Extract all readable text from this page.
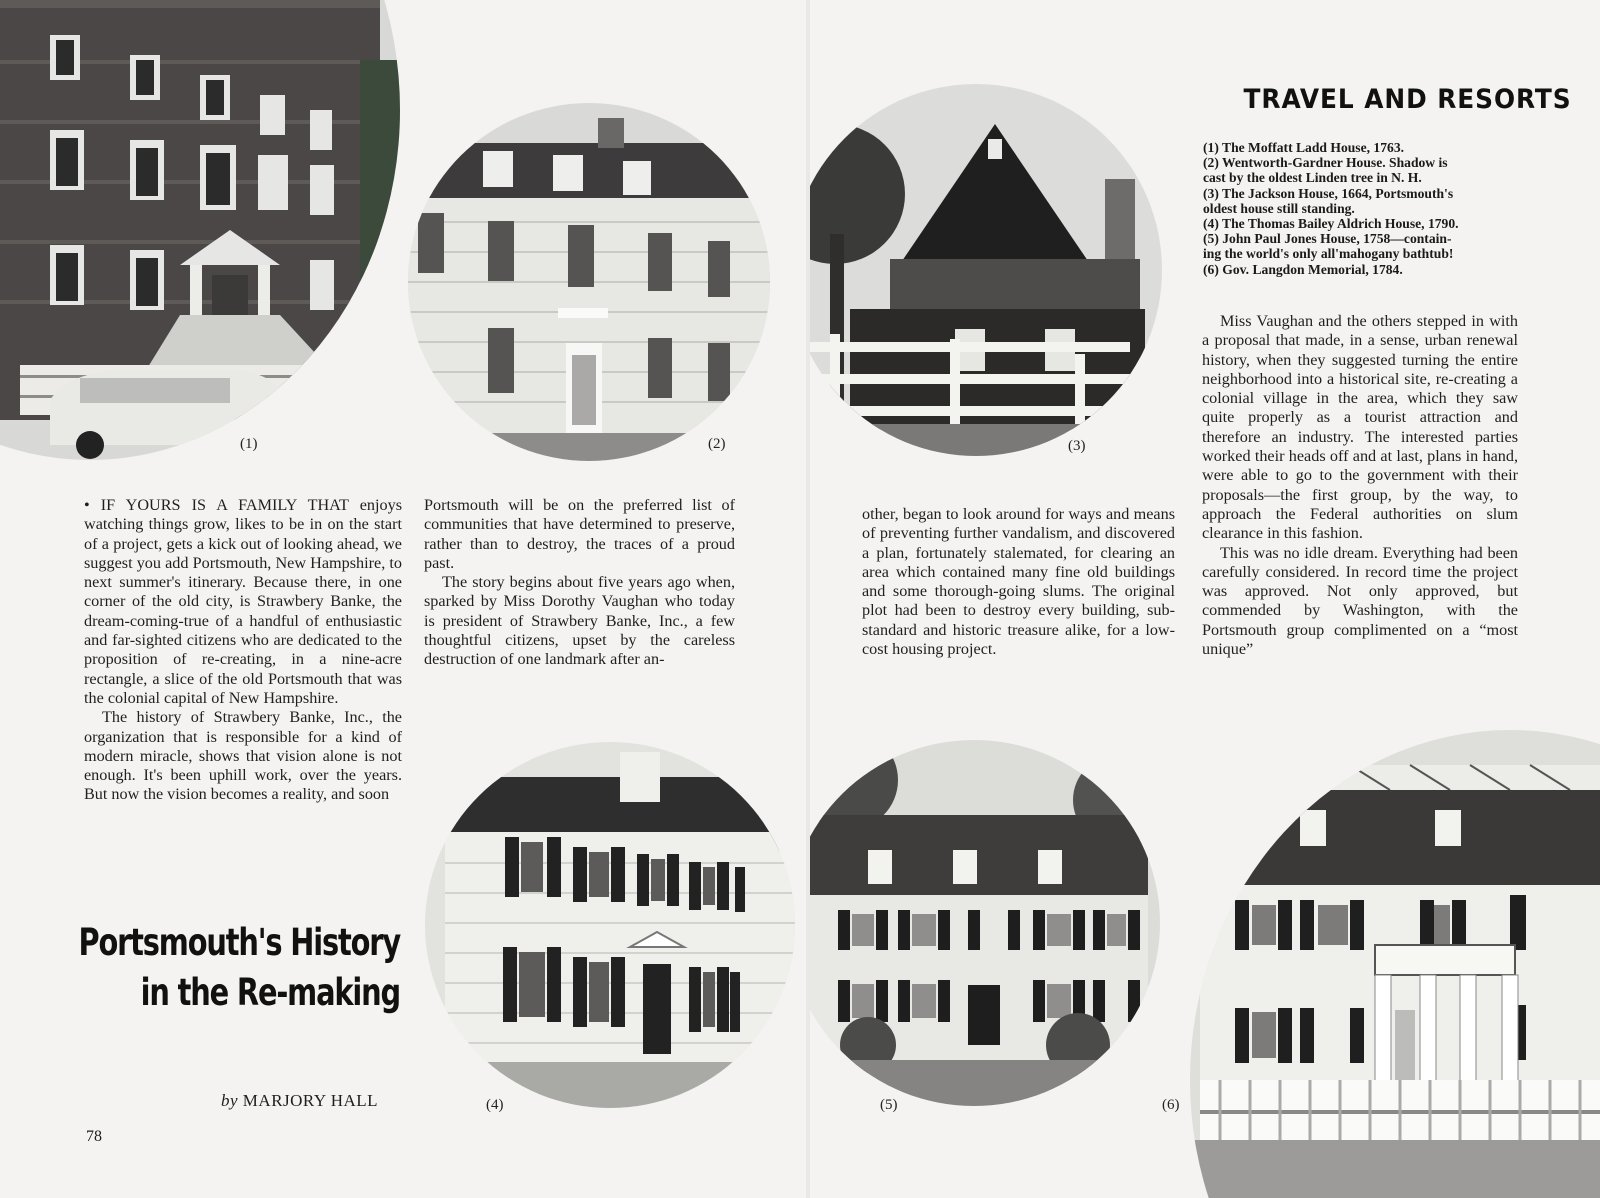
(1)	(2)

• IF YOURS IS A FAMILY THAT enjoys watching things grow, likes to be in on the start of a project, gets a kick out of looking ahead, we suggest you add Portsmouth, New Hampshire, to next summer's itinerary. Because there, in one corner of the old city, is Strawbery Banke, the dream-coming-true of a handful of enthusiastic and far-sighted citizens who are dedicated to the proposition of re-creating, in a nine-acre rectangle, a slice of the old Portsmouth that was the colonial capital of New Hampshire.

The history of Strawbery Banke, Inc., the organization that is responsible for a kind of modern miracle, shows that vision alone is not enough. It's been uphill work, over the years. But now the vision becomes a reality, and soon

Portsmouth will be on the preferred list of communities that have determined to preserve, rather than to destroy, the traces of a proud past.

The story begins about five years ago when, sparked by Miss Dorothy Vaughan who today is president of Strawbery Banke, Inc., a few thoughtful citizens, upset by the careless destruction of one landmark after an-

(4)
Portsmouth's History
in the Re-making
by MARJORY HALL
78
TRAVEL AND RESORTS
(3)
(1) The Moffatt Ladd House, 1763.
(2) Wentworth-Gardner House. Shadow is
cast by the oldest Linden tree in N. H.
(3) The Jackson House, 1664, Portsmouth's
oldest house still standing.
(4) The Thomas Bailey Aldrich House, 1790.
(5) John Paul Jones House, 1758—contain-
ing the world's only all'mahogany bathtub!
(6) Gov. Langdon Memorial, 1784.

other, began to look around for ways and means of preventing further vandalism, and discovered a plan, fortunately stalemated, for clearing an area which contained many fine old buildings and some thorough-going slums. The original plot had been to destroy every building, sub-standard and historic treasure alike, for a low-cost housing project.

Miss Vaughan and the others stepped in with a proposal that made, in a sense, urban renewal history, when they suggested turning the entire neighborhood into a historical site, re-creating a colonial village in the area, which they saw quite properly as a tourist attraction and therefore an industry. The interested parties worked their heads off and at last, plans in hand, were able to go to the government with their proposals—the first group, by the way, to approach the Federal authorities on slum clearance in this fashion.

This was no idle dream. Everything had been carefully considered. In record time the project was approved. Not only approved, but commended by Washington, with the Portsmouth group complimented on a “most unique”

(5)	(6)
